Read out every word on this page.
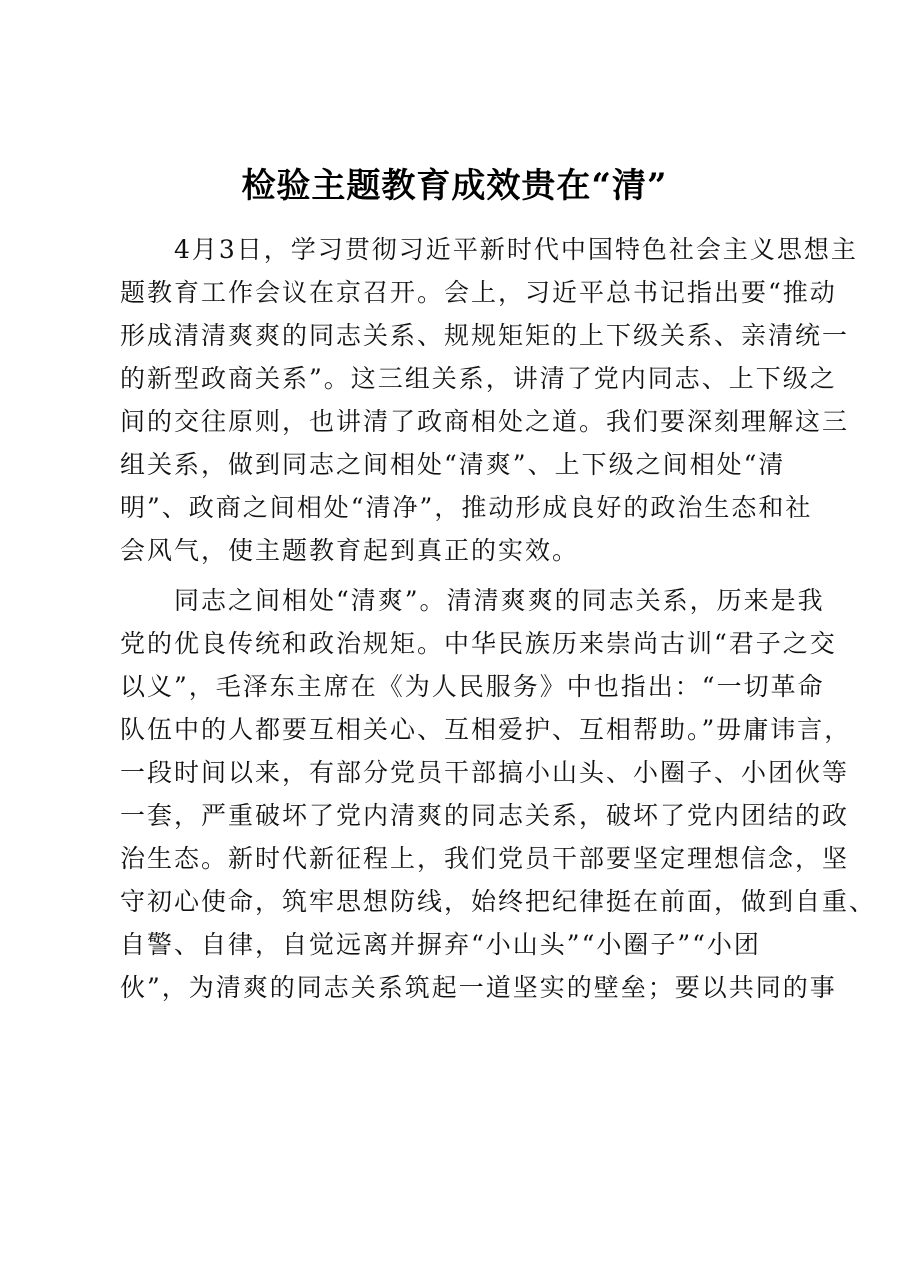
检验主题教育成效贵在“清”
　　4月3日，学习贯彻习近平新时代中国特色社会主义思想主
题教育工作会议在京召开。会上，习近平总书记指出要“推动
形成清清爽爽的同志关系、规规矩矩的上下级关系、亲清统一
的新型政商关系”。这三组关系，讲清了党内同志、上下级之
间的交往原则，也讲清了政商相处之道。我们要深刻理解这三
组关系，做到同志之间相处“清爽”、上下级之间相处“清
明”、政商之间相处“清净”，推动形成良好的政治生态和社
会风气，使主题教育起到真正的实效。
　　同志之间相处“清爽”。清清爽爽的同志关系，历来是我
党的优良传统和政治规矩。中华民族历来崇尚古训“君子之交
以义”，毛泽东主席在《为人民服务》中也指出：“一切革命
队伍中的人都要互相关心、互相爱护、互相帮助。”毋庸讳言，
一段时间以来，有部分党员干部搞小山头、小圈子、小团伙等
一套，严重破坏了党内清爽的同志关系，破坏了党内团结的政
治生态。新时代新征程上，我们党员干部要坚定理想信念，坚
守初心使命，筑牢思想防线，始终把纪律挺在前面，做到自重、
自警、自律，自觉远离并摒弃“小山头”“小圈子”“小团
伙”，为清爽的同志关系筑起一道坚实的壁垒；要以共同的事
